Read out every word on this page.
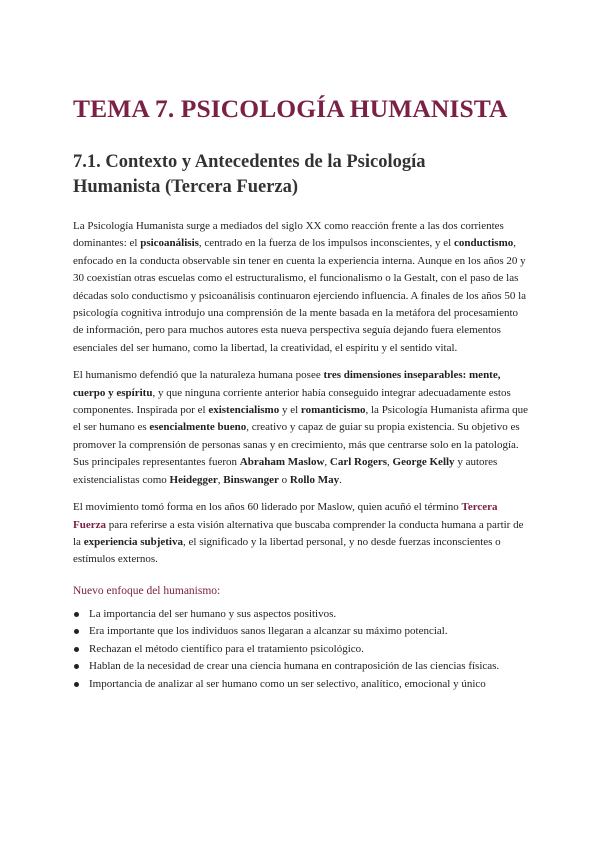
TEMA 7. PSICOLOGÍA HUMANISTA
7.1. Contexto y Antecedentes de la Psicología
Humanista (Tercera Fuerza)

La Psicología Humanista surge a mediados del siglo XX como reacción frente a las dos corrientes dominantes: el psicoanálisis, centrado en la fuerza de los impulsos inconscientes, y el conductismo, enfocado en la conducta observable sin tener en cuenta la experiencia interna. Aunque en los años 20 y 30 coexistían otras escuelas como el estructuralismo, el funcionalismo o la Gestalt, con el paso de las décadas solo conductismo y psicoanálisis continuaron ejerciendo influencia. A finales de los años 50 la psicología cognitiva introdujo una comprensión de la mente basada en la metáfora del procesamiento de información, pero para muchos autores esta nueva perspectiva seguía dejando fuera elementos esenciales del ser humano, como la libertad, la creatividad, el espíritu y el sentido vital.

El humanismo defendió que la naturaleza humana posee tres dimensiones inseparables: mente, cuerpo y espíritu, y que ninguna corriente anterior había conseguido integrar adecuadamente estos componentes. Inspirada por el existencialismo y el romanticismo, la Psicología Humanista afirma que el ser humano es esencialmente bueno, creativo y capaz de guiar su propia existencia. Su objetivo es promover la comprensión de personas sanas y en crecimiento, más que centrarse solo en la patología. Sus principales representantes fueron Abraham Maslow, Carl Rogers, George Kelly y autores existencialistas como Heidegger, Binswanger o Rollo May.

El movimiento tomó forma en los años 60 liderado por Maslow, quien acuñó el término Tercera Fuerza para referirse a esta visión alternativa que buscaba comprender la conducta humana a partir de la experiencia subjetiva, el significado y la libertad personal, y no desde fuerzas inconscientes o estímulos externos.

Nuevo enfoque del humanismo:

La importancia del ser humano y sus aspectos positivos.
Era importante que los individuos sanos llegaran a alcanzar su máximo potencial.
Rechazan el método científico para el tratamiento psicológico.
Hablan de la necesidad de crear una ciencia humana en contraposición de las ciencias físicas.
Importancia de analizar al ser humano como un ser selectivo, analítico, emocional y único
